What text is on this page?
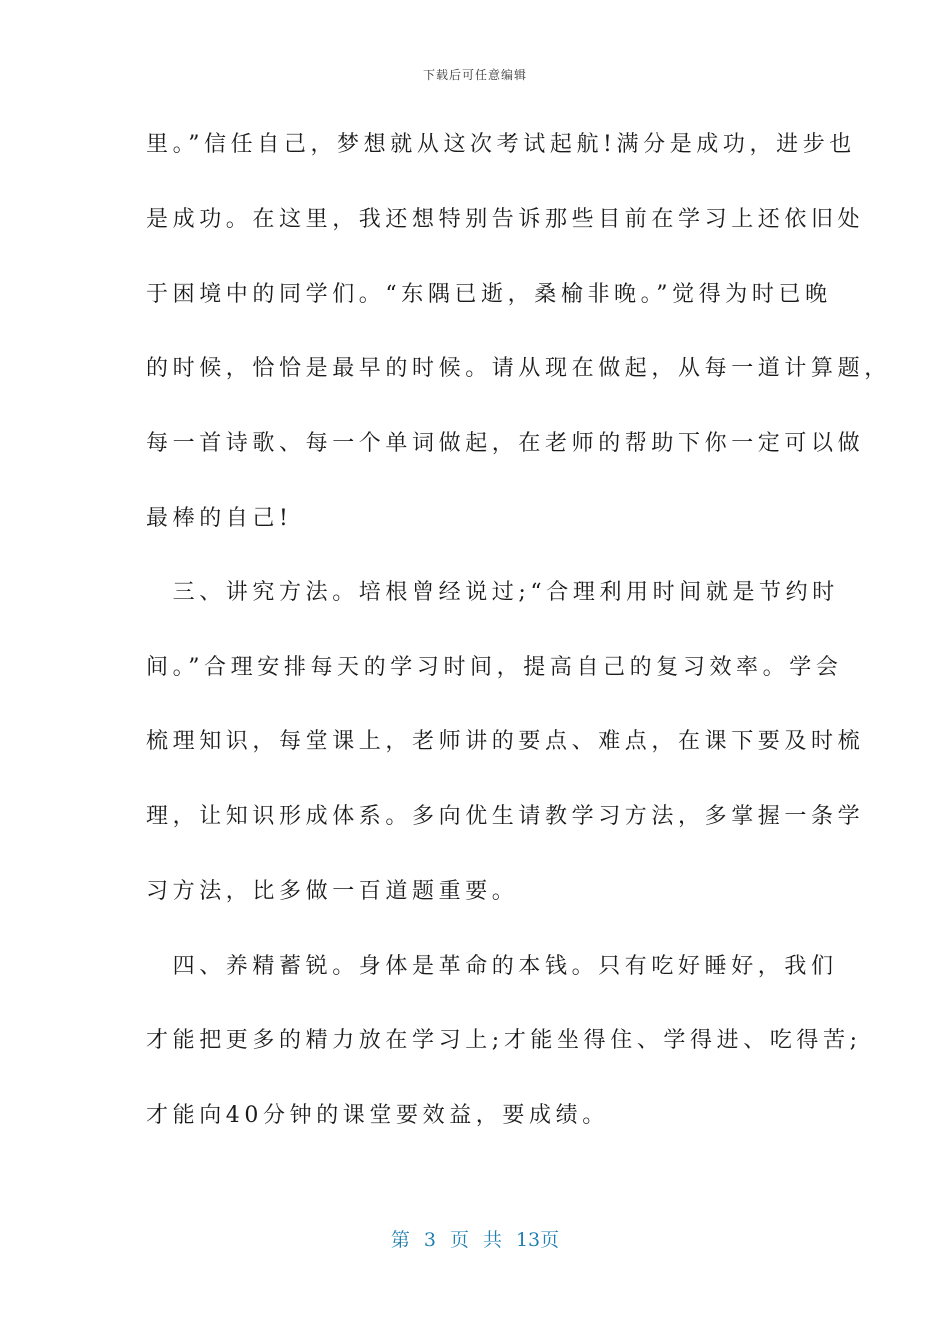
下载后可任意编辑
里。”信任自己，梦想就从这次考试起航!满分是成功，进步也
是成功。在这里，我还想特别告诉那些目前在学习上还依旧处
于困境中的同学们。“东隅已逝，桑榆非晚。”觉得为时已晚
的时候，恰恰是最早的时候。请从现在做起，从每一道计算题，
每一首诗歌、每一个单词做起，在老师的帮助下你一定可以做
最棒的自己!
　三、讲究方法。培根曾经说过;“合理利用时间就是节约时
间。”合理安排每天的学习时间，提高自己的复习效率。学会
梳理知识，每堂课上，老师讲的要点、难点，在课下要及时梳
理，让知识形成体系。多向优生请教学习方法，多掌握一条学
习方法，比多做一百道题重要。
　四、养精蓄锐。身体是革命的本钱。只有吃好睡好，我们
才能把更多的精力放在学习上;才能坐得住、学得进、吃得苦;
才能向40分钟的课堂要效益，要成绩。
第 3 页 共 13页
